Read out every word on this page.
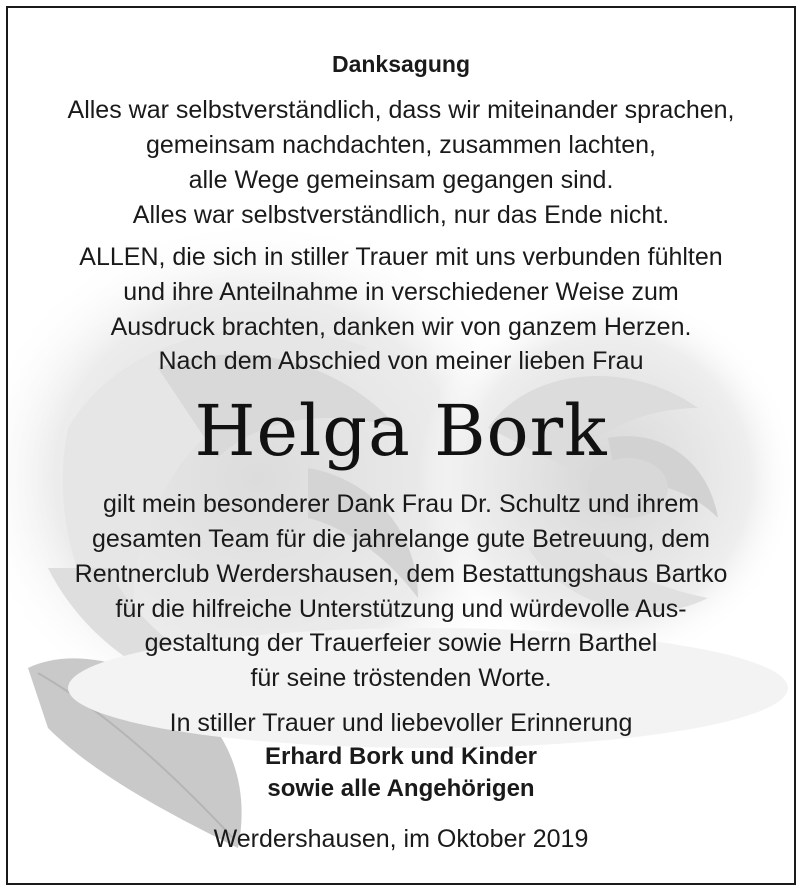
Danksagung
Alles war selbstverständlich, dass wir miteinander sprachen,
gemeinsam nachdachten, zusammen lachten,
alle Wege gemeinsam gegangen sind.
Alles war selbstverständlich, nur das Ende nicht.
ALLEN, die sich in stiller Trauer mit uns verbunden fühlten
und ihre Anteilnahme in verschiedener Weise zum
Ausdruck brachten, danken wir von ganzem Herzen.
Nach dem Abschied von meiner lieben Frau
Helga Bork
gilt mein besonderer Dank Frau Dr. Schultz und ihrem
gesamten Team für die jahrelange gute Betreuung, dem
Rentnerclub Werdershausen, dem Bestattungshaus Bartko
für die hilfreiche Unterstützung und würdevolle Aus-
gestaltung der Trauerfeier sowie Herrn Barthel
für seine tröstenden Worte.
In stiller Trauer und liebevoller Erinnerung
Erhard Bork und Kinder
sowie alle Angehörigen
Werdershausen, im Oktober 2019
